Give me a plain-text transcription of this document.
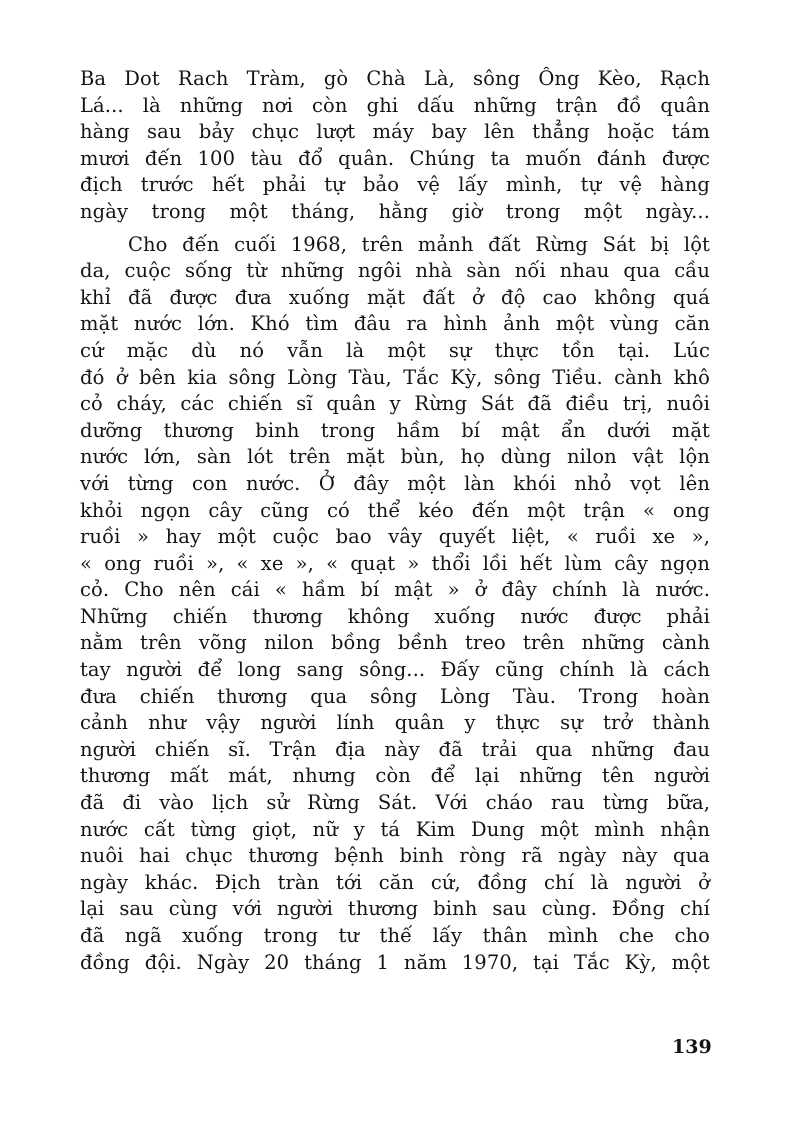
Ba Dot Rach Tràm, gò Chà Là, sông Ông Kèo, Rạch
Lá... là những nơi còn ghi dấu những trận đồ quân
hàng sau bảy chục lượt máy bay lên thẳng hoặc tám
mươi đến 100 tàu đổ quân. Chúng ta muốn đánh được
địch trước hết phải tự bảo vệ lấy mình, tự vệ hàng
ngày trong một tháng, hằng giờ trong một ngày...

Cho đến cuối 1968, trên mảnh đất Rừng Sát bị lột
da, cuộc sống từ những ngôi nhà sàn nối nhau qua cầu
khỉ đã được đưa xuống mặt đất ở độ cao không quá
mặt nước lớn. Khó tìm đâu ra hình ảnh một vùng căn
cứ mặc dù nó vẫn là một sự thực tồn tại. Lúc
đó ở bên kia sông Lòng Tàu, Tắc Kỳ, sông Tiều. cành khô
cỏ cháy, các chiến sĩ quân y Rừng Sát đã điều trị, nuôi
dưỡng thương binh trong hầm bí mật ẩn dưới mặt
nước lớn, sàn lót trên mặt bùn, họ dùng nilon vật lộn
với từng con nước. Ở đây một làn khói nhỏ vọt lên
khỏi ngọn cây cũng có thể kéo đến một trận « ong
ruồi » hay một cuộc bao vây quyết liệt, « ruồi xe »,
« ong ruồi », « xe », « quạt » thổi lồi hết lùm cây ngọn
cỏ. Cho nên cái « hầm bí mật » ở đây chính là nước.
Những chiến thương không xuống nước được phải
nằm trên võng nilon bồng bềnh treo trên những cành
tay người để long sang sông... Đấy cũng chính là cách
đưa chiến thương qua sông Lòng Tàu. Trong hoàn
cảnh như vậy người lính quân y thực sự trở thành
người chiến sĩ. Trận địa này đã trải qua những đau
thương mất mát, nhưng còn để lại những tên người
đã đi vào lịch sử Rừng Sát. Với cháo rau từng bữa,
nước cất từng giọt, nữ y tá Kim Dung một mình nhận
nuôi hai chục thương bệnh binh ròng rã ngày này qua
ngày khác. Địch tràn tới căn cứ, đồng chí là người ở
lại sau cùng với người thương binh sau cùng. Đồng chí
đã ngã xuống trong tư thế lấy thân mình che cho
đồng đội. Ngày 20 tháng 1 năm 1970, tại Tắc Kỳ, một

139
